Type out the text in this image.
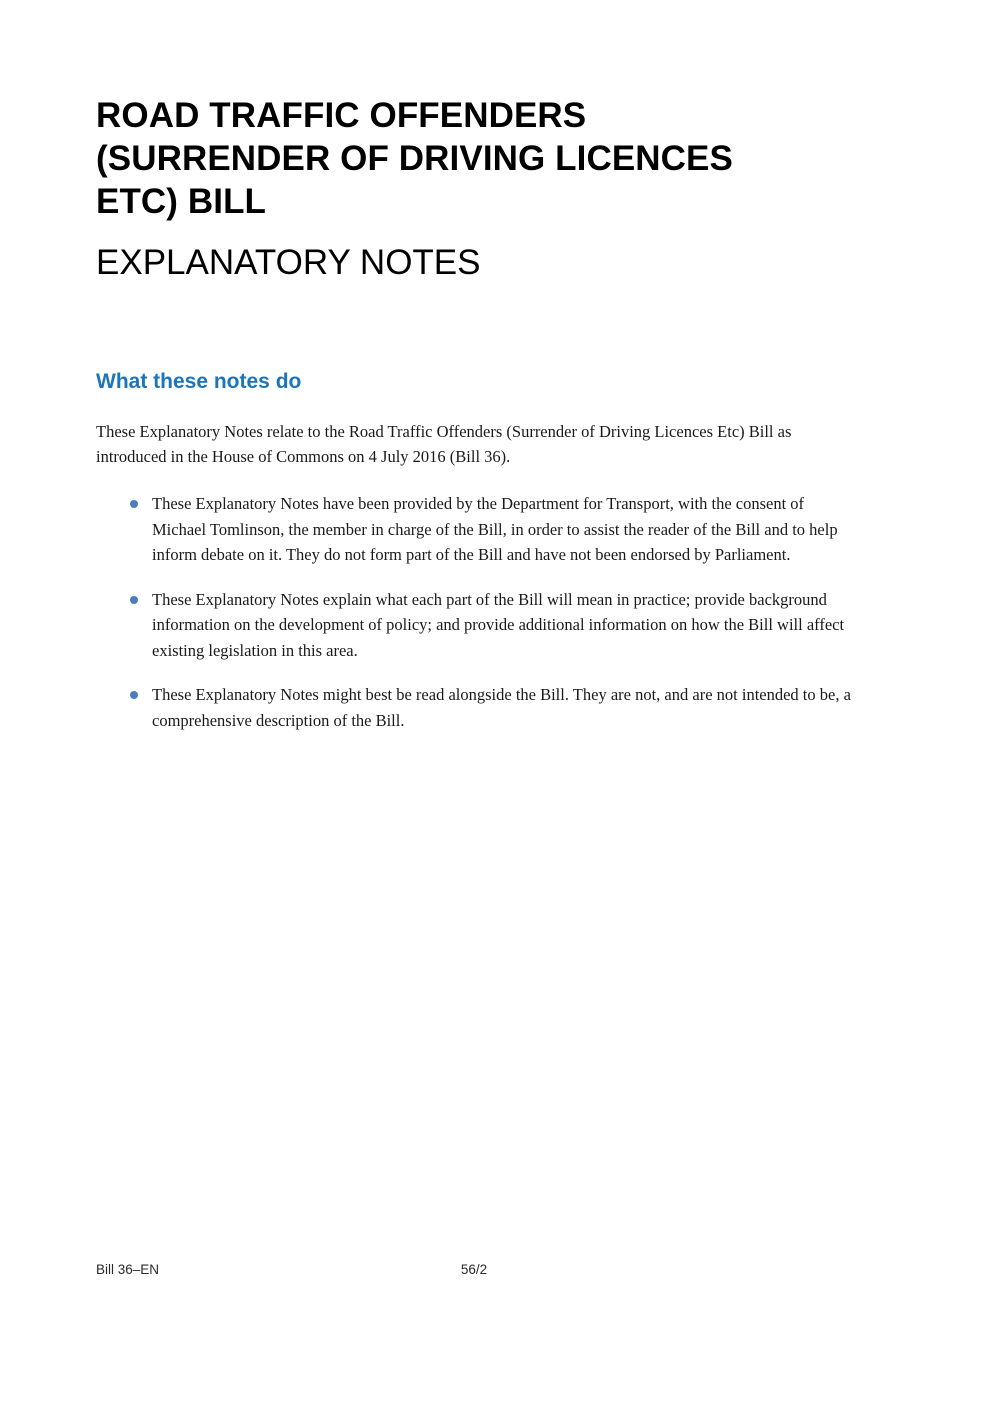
ROAD TRAFFIC OFFENDERS (SURRENDER OF DRIVING LICENCES ETC) BILL
EXPLANATORY NOTES
What these notes do

These Explanatory Notes relate to the Road Traffic Offenders (Surrender of Driving Licences Etc) Bill as introduced in the House of Commons on 4 July 2016 (Bill 36).

These Explanatory Notes have been provided by the Department for Transport, with the consent of Michael Tomlinson, the member in charge of the Bill, in order to assist the reader of the Bill and to help inform debate on it. They do not form part of the Bill and have not been endorsed by Parliament.
These Explanatory Notes explain what each part of the Bill will mean in practice; provide background information on the development of policy; and provide additional information on how the Bill will affect existing legislation in this area.
These Explanatory Notes might best be read alongside the Bill. They are not, and are not intended to be, a comprehensive description of the Bill.
Bill 36–EN	56/2
